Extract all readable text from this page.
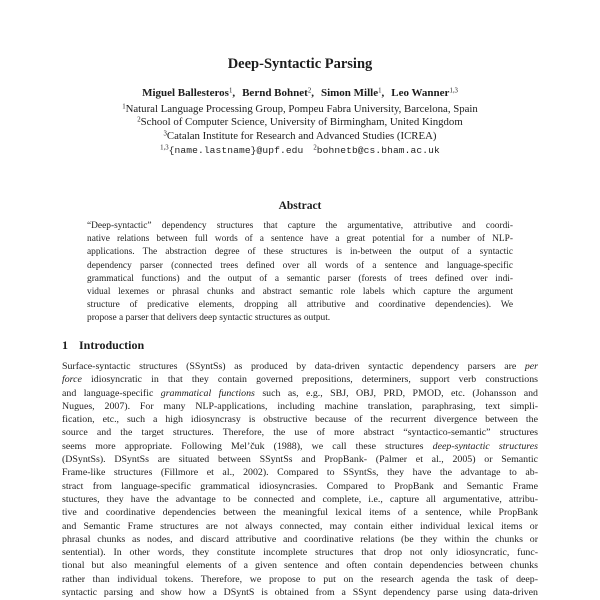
Deep-Syntactic Parsing
Miguel Ballesteros$^1$, Bernd Bohnet$^2$, Simon Mille$^1$, Leo Wanner$^{1,3}$
$^1$Natural Language Processing Group, Pompeu Fabra University, Barcelona, Spain
$^2$School of Computer Science, University of Birmingham, United Kingdom
$^3$Catalan Institute for Research and Advanced Studies (ICREA)
$^{1,3}${name.lastname}@upf.edu $^2$bohnetb@cs.bham.ac.uk
Abstract
“Deep-syntactic” dependency structures that capture the argumentative, attributive and coordi-
native relations between full words of a sentence have a great potential for a number of NLP-
applications. The abstraction degree of these structures is in-between the output of a syntactic
dependency parser (connected trees defined over all words of a sentence and language-specific
grammatical functions) and the output of a semantic parser (forests of trees defined over indi-
vidual lexemes or phrasal chunks and abstract semantic role labels which capture the argument
structure of predicative elements, dropping all attributive and coordinative dependencies). We
propose a parser that delivers deep syntactic structures as output.
1 Introduction
Surface-syntactic structures (SSyntSs) as produced by data-driven syntactic dependency parsers are per
force idiosyncratic in that they contain governed prepositions, determiners, support verb constructions
and language-specific grammatical functions such as, e.g., SBJ, OBJ, PRD, PMOD, etc. (Johansson and
Nugues, 2007). For many NLP-applications, including machine translation, paraphrasing, text simpli-
fication, etc., such a high idiosyncrasy is obstructive because of the recurrent divergence between the
source and the target structures. Therefore, the use of more abstract “syntactico-semantic” structures
seems more appropriate. Following Mel’čuk (1988), we call these structures deep-syntactic structures
(DSyntSs). DSyntSs are situated between SSyntSs and PropBank- (Palmer et al., 2005) or Semantic
Frame-like structures (Fillmore et al., 2002). Compared to SSyntSs, they have the advantage to ab-
stract from language-specific grammatical idiosyncrasies. Compared to PropBank and Semantic Frame
stuctures, they have the advantage to be connected and complete, i.e., capture all argumentative, attribu-
tive and coordinative dependencies between the meaningful lexical items of a sentence, while PropBank
and Semantic Frame structures are not always connected, may contain either individual lexical items or
phrasal chunks as nodes, and discard attributive and coordinative relations (be they within the chunks or
sentential). In other words, they constitute incomplete structures that drop not only idiosyncratic, func-
tional but also meaningful elements of a given sentence and often contain dependencies between chunks
rather than individual tokens. Therefore, we propose to put on the research agenda the task of deep-
syntactic parsing and show how a DSyntS is obtained from a SSynt dependency parse using data-driven
